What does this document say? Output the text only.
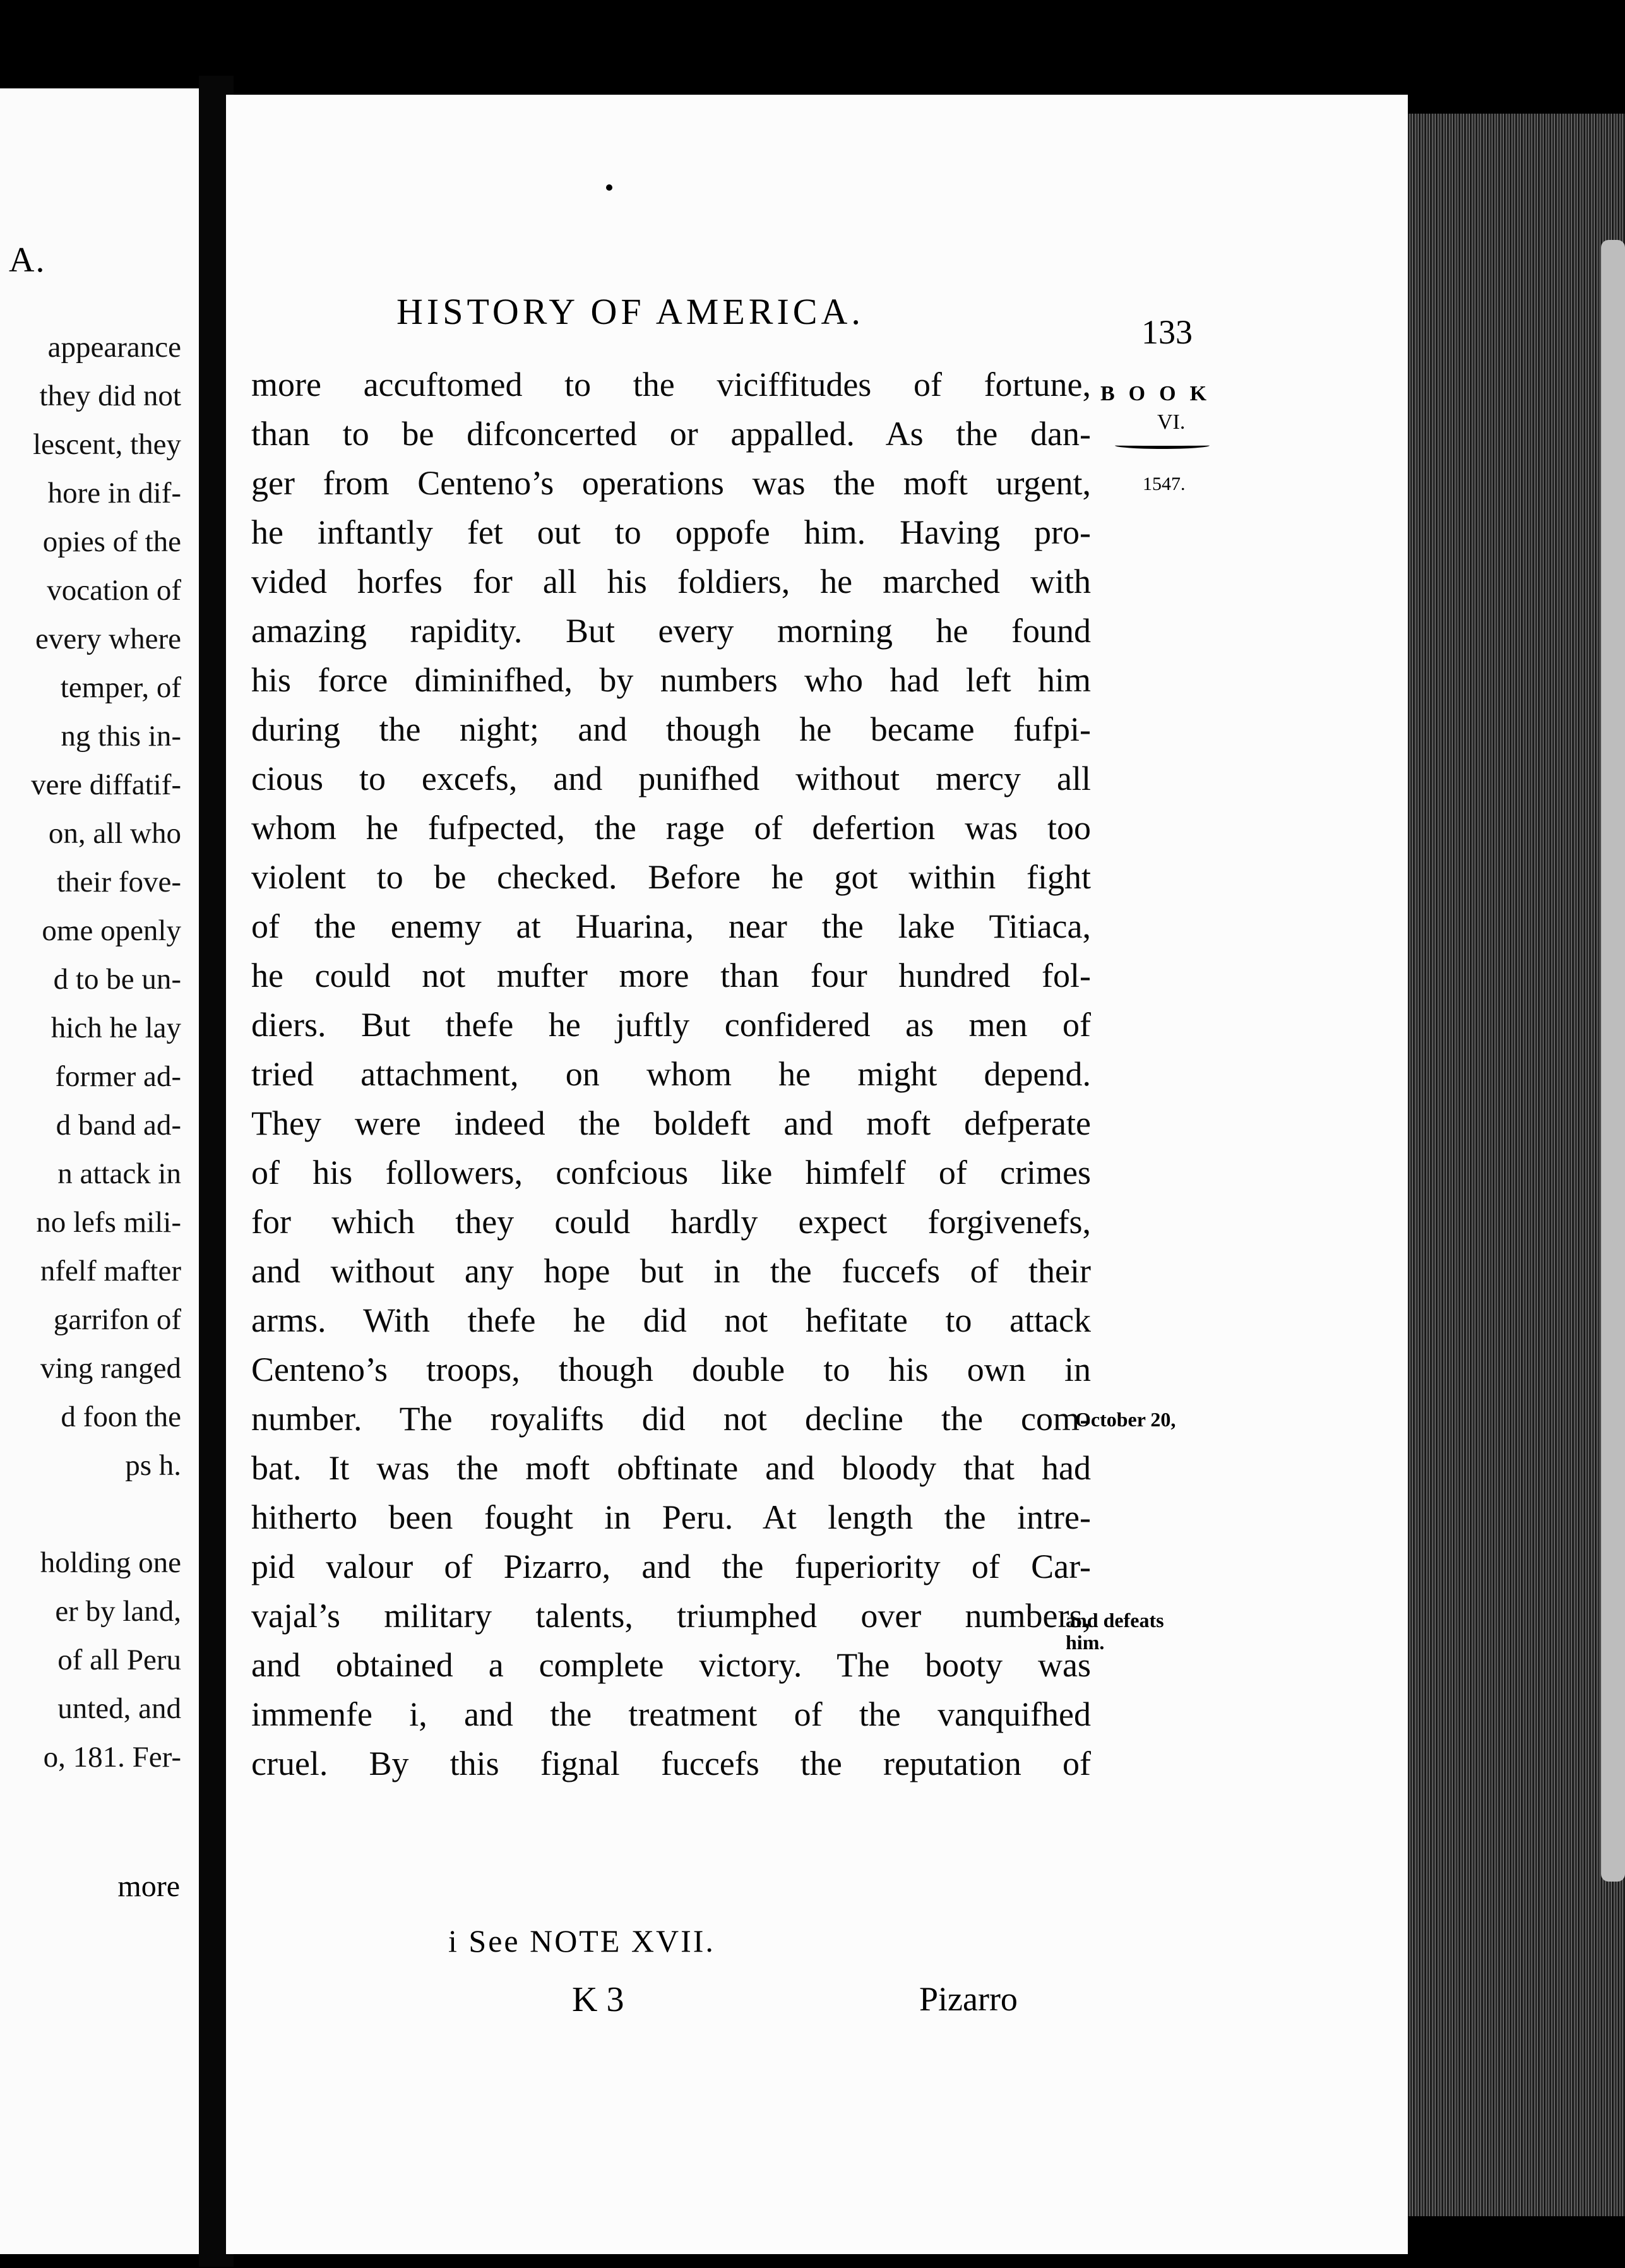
A.
appearance
they did not
lescent, they
hore in dif-
opies of the
vocation of
every where
temper, of
ng this in-
vere diffatif-
on, all who
their fove-
ome openly
d to be un-
hich he lay
former ad-
d band ad-
n attack in
no lefs mili-
nfelf mafter
garrifon of
ving ranged
d foon the
ps h.
holding one
er by land,
of all Peru
unted, and
o, 181. Fer-
more
HISTORY OF AMERICA.	133
BOOK
VI.
1547.
more accuftomed to the viciffitudes of fortune,
than to be difconcerted or appalled. As the dan-
ger from Centeno’s operations was the moft urgent,
he inftantly fet out to oppofe him. Having pro-
vided horfes for all his foldiers, he marched with
amazing rapidity. But every morning he found
his force diminifhed, by numbers who had left him
during the night; and though he became fufpi-
cious to excefs, and punifhed without mercy all
whom he fufpected, the rage of defertion was too
violent to be checked. Before he got within fight
of the enemy at Huarina, near the lake Titiaca,
he could not mufter more than four hundred fol-
diers. But thefe he juftly confidered as men of
tried attachment, on whom he might depend.
They were indeed the boldeft and moft defperate
of his followers, confcious like himfelf of crimes
for which they could hardly expect forgivenefs,
and without any hope but in the fuccefs of their
arms. With thefe he did not hefitate to attack
Centeno’s troops, though double to his own in
number. The royalifts did not decline the com-
bat. It was the moft obftinate and bloody that had
hitherto been fought in Peru. At length the intre-
pid valour of Pizarro, and the fuperiority of Car-
vajal’s military talents, triumphed over numbers,
and obtained a complete victory. The booty was
immenfe i, and the treatment of the vanquifhed
cruel. By this fignal fuccefs the reputation of
October 20,
and defeats
him.
i See NOTE XVII.
K 3	Pizarro
